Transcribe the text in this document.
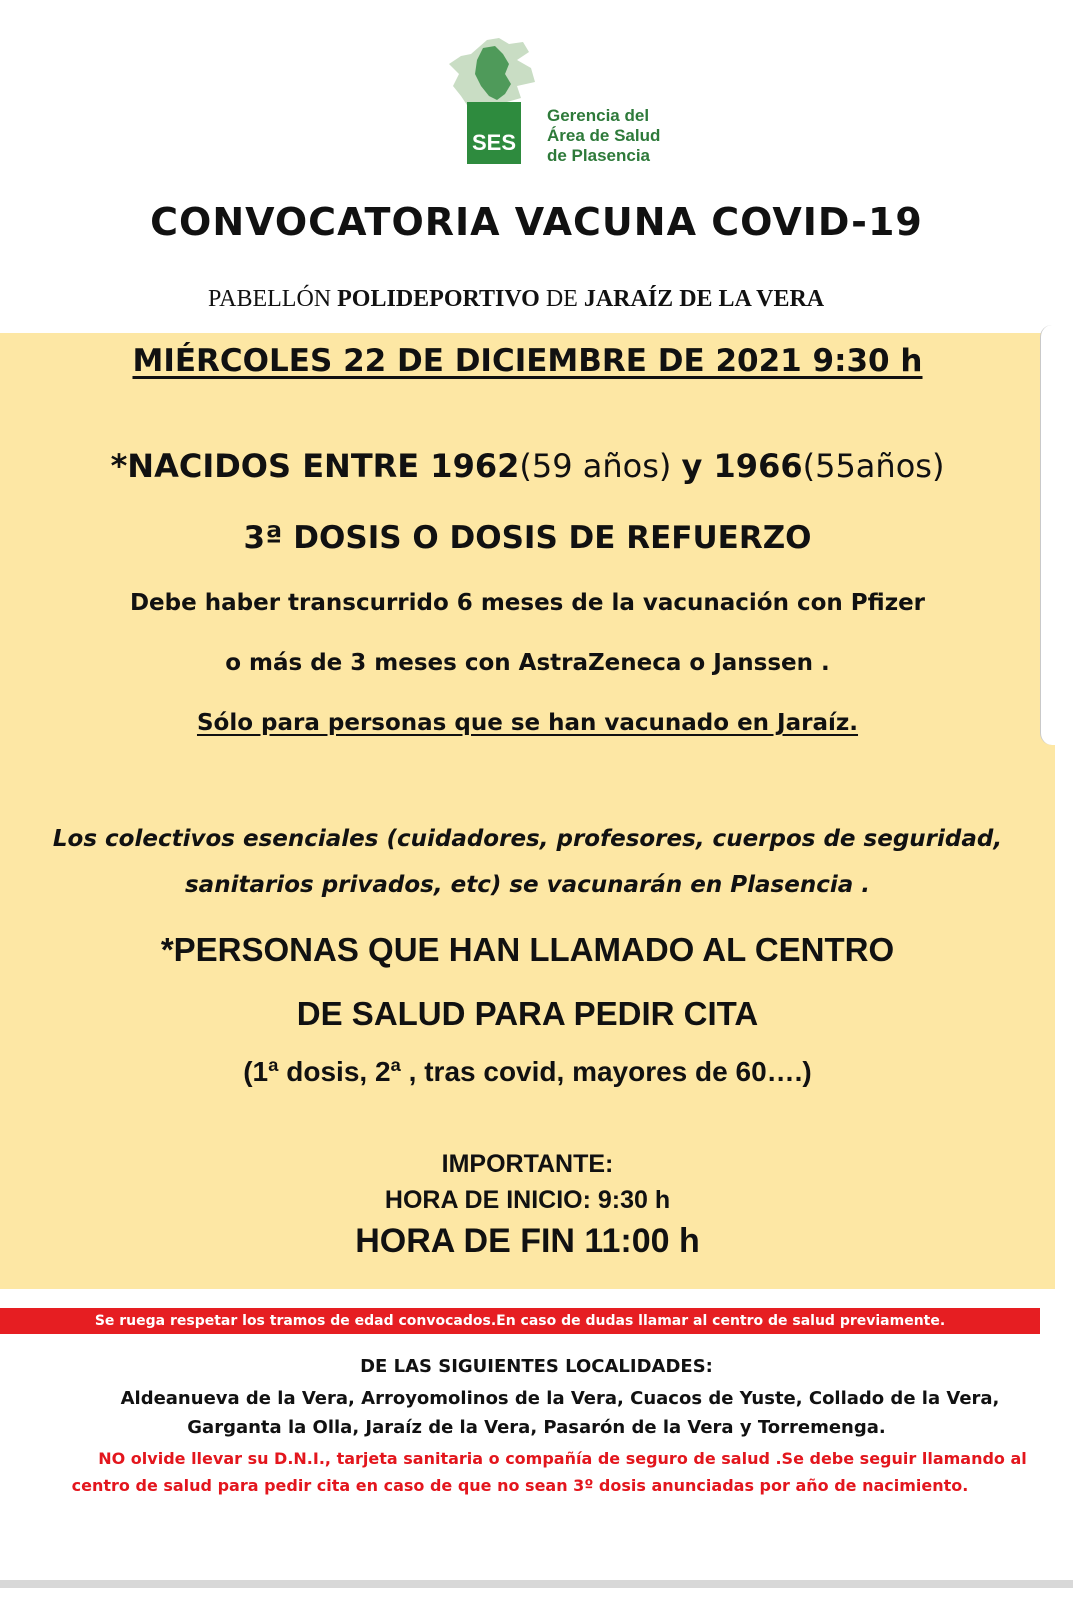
SES
Gerencia del
Área de Salud
de Plasencia
CONVOCATORIA VACUNA COVID-19
PABELLÓN POLIDEPORTIVO DE JARAÍZ DE LA VERA
MIÉRCOLES 22 DE DICIEMBRE DE 2021 9:30 h
*NACIDOS ENTRE 1962(59 años) y 1966(55años)
3ª DOSIS O DOSIS DE REFUERZO
Debe haber transcurrido 6 meses de la vacunación con Pfizer
o más de 3 meses con AstraZeneca o Janssen .
Sólo para personas que se han vacunado en Jaraíz.
Los colectivos esenciales (cuidadores, profesores, cuerpos de seguridad,
sanitarios privados, etc) se vacunarán en Plasencia .
*PERSONAS QUE HAN LLAMADO AL CENTRO
DE SALUD PARA PEDIR CITA
(1ª dosis, 2ª , tras covid, mayores de 60….)
IMPORTANTE:
HORA DE INICIO: 9:30 h
HORA DE FIN 11:00 h
Se ruega respetar los tramos de edad convocados.En caso de dudas llamar al centro de salud previamente.
DE LAS SIGUIENTES LOCALIDADES:
Aldeanueva de la Vera, Arroyomolinos de la Vera, Cuacos de Yuste, Collado de la Vera,
Garganta la Olla, Jaraíz de la Vera, Pasarón de la Vera y Torremenga.
NO olvide llevar su D.N.I., tarjeta sanitaria o compañía de seguro de salud .Se debe seguir llamando al
centro de salud para pedir cita en caso de que no sean 3º dosis anunciadas por año de nacimiento.
